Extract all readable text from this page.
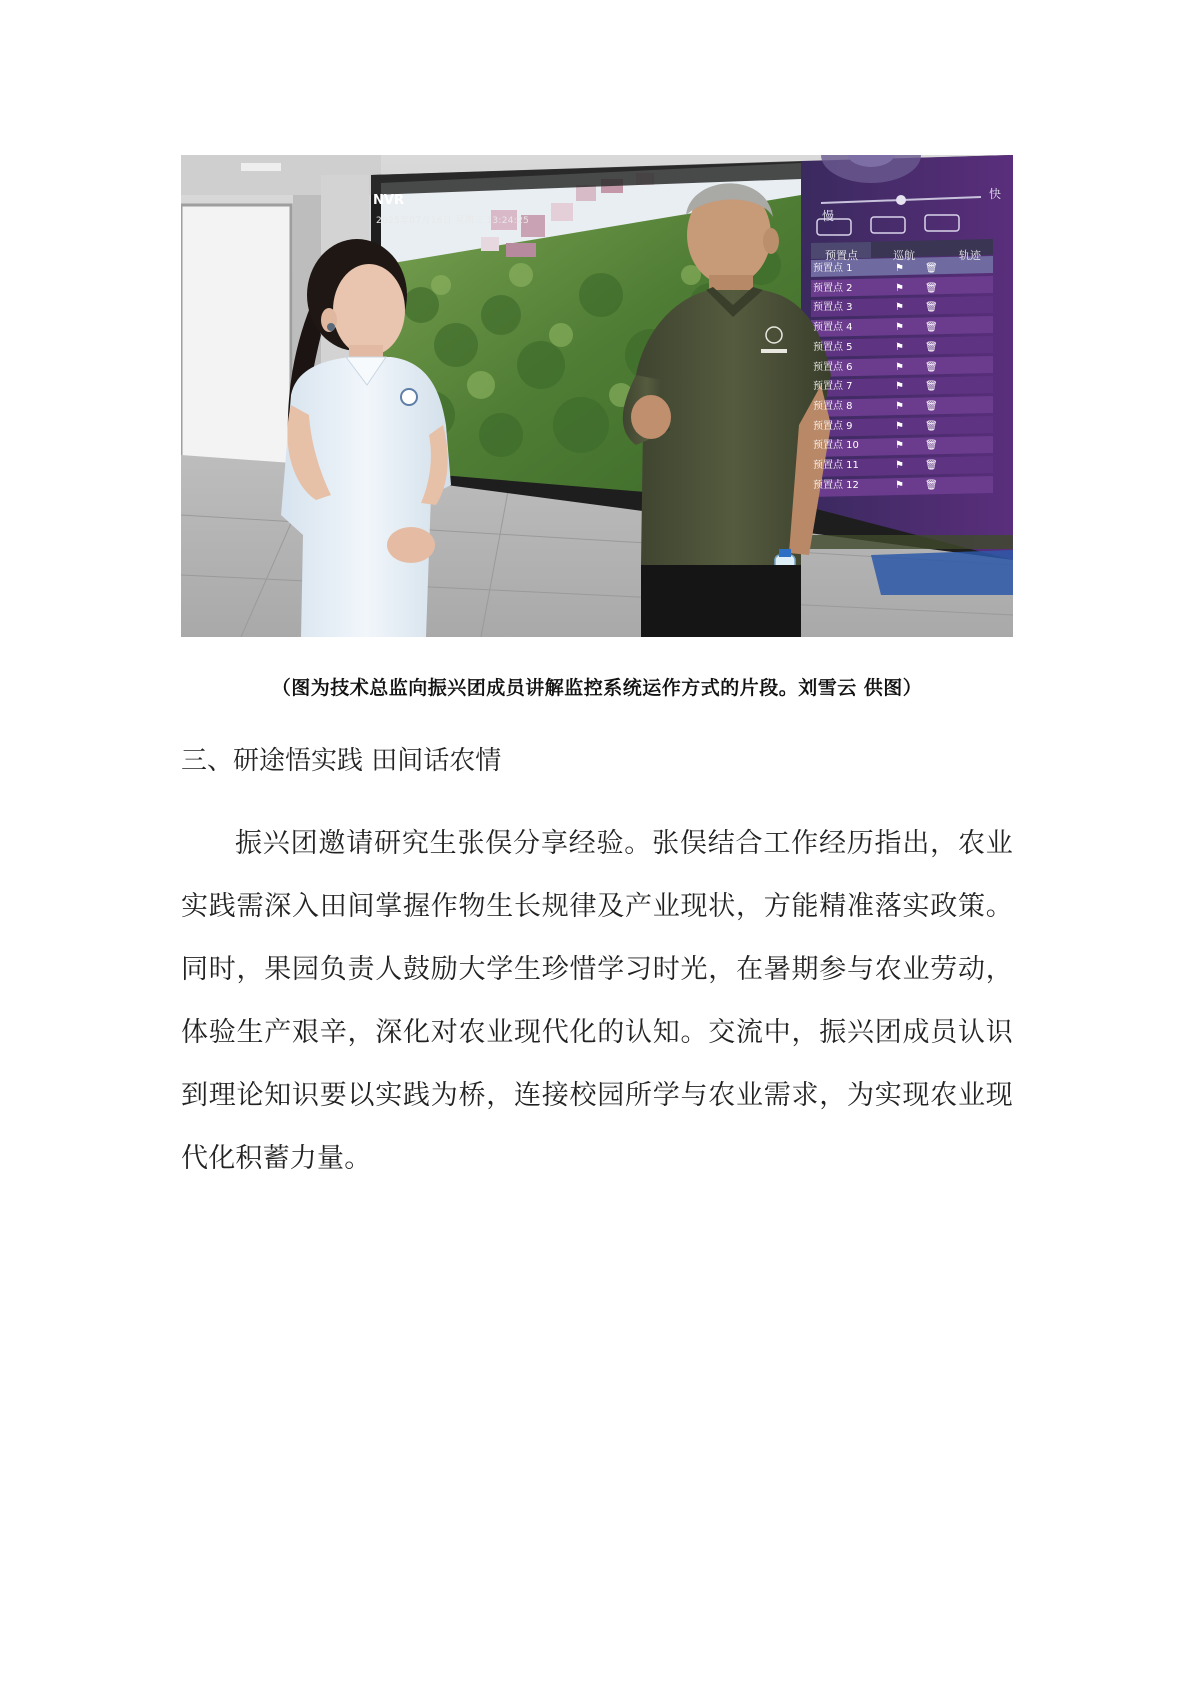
NVR
2025年07月16日 星期三 13:24:25	慢
快
预置点	巡航	轨迹
预置点 1	⚑ 🗑
预置点 2	⚑ 🗑
预置点 3	⚑ 🗑
预置点 4	⚑ 🗑
预置点 5	⚑ 🗑
预置点 6	⚑ 🗑
预置点 7	⚑ 🗑
预置点 8	⚑ 🗑
预置点 9	⚑ 🗑
预置点 10	⚑ 🗑
预置点 11	⚑ 🗑
预置点 12	⚑ 🗑
（图为技术总监向振兴团成员讲解监控系统运作方式的片段。刘雪云 供图）
三、研途悟实践 田间话农情

振兴团邀请研究生张俣分享经验。张俣结合工作经历指出，农业实践需深入田间掌握作物生长规律及产业现状，方能精准落实政策。同时，果园负责人鼓励大学生珍惜学习时光，在暑期参与农业劳动，体验生产艰辛，深化对农业现代化的认知。交流中，振兴团成员认识到理论知识要以实践为桥，连接校园所学与农业需求，为实现农业现代化积蓄力量。
